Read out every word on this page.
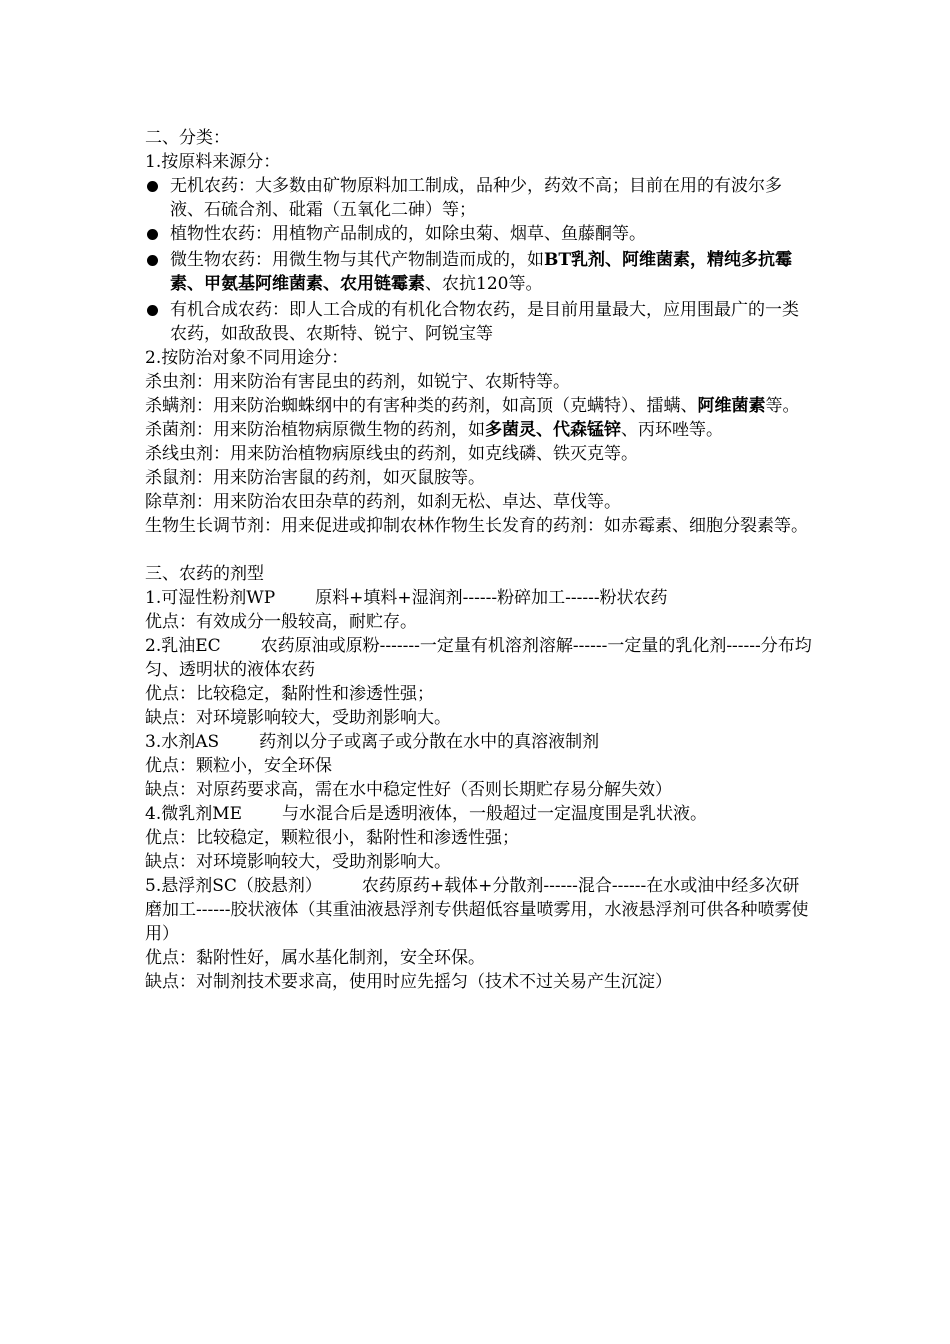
二、分类：

1.按原料来源分：

无机农药：大多数由矿物原料加工制成，品种少，药效不高；目前在用的有波尔多液、石硫合剂、砒霜（五氧化二砷）等；

植物性农药：用植物产品制成的，如除虫菊、烟草、鱼藤酮等。

微生物农药：用微生物与其代产物制造而成的，如BT乳剂、阿维菌素，精纯多抗霉素、甲氨基阿维菌素、农用链霉素、农抗120等。

有机合成农药：即人工合成的有机化合物农药，是目前用量最大，应用围最广的一类农药，如敌敌畏、农斯特、锐宁、阿锐宝等

2.按防治对象不同用途分：

杀虫剂：用来防治有害昆虫的药剂，如锐宁、农斯特等。

杀螨剂：用来防治蜘蛛纲中的有害种类的药剂，如高顶（克螨特）、擂螨、阿维菌素等。

杀菌剂：用来防治植物病原微生物的药剂，如多菌灵、代森锰锌、丙环唑等。

杀线虫剂：用来防治植物病原线虫的药剂，如克线磷、铁灭克等。

杀鼠剂：用来防治害鼠的药剂，如灭鼠胺等。

除草剂：用来防治农田杂草的药剂，如刹无松、卓达、草伐等。

生物生长调节剂：用来促进或抑制农林作物生长发育的药剂：如赤霉素、细胞分裂素等。

三、农药的剂型

1.可湿性粉剂WP 原料+填料+湿润剂------粉碎加工------粉状农药

优点：有效成分一般较高，耐贮存。

2.乳油EC 农药原油或原粉-------一定量有机溶剂溶解------一定量的乳化剂------分布均匀、透明状的液体农药

优点：比较稳定，黏附性和渗透性强；

缺点：对环境影响较大，受助剂影响大。

3.水剂AS 药剂以分子或离子或分散在水中的真溶液制剂

优点：颗粒小，安全环保

缺点：对原药要求高，需在水中稳定性好（否则长期贮存易分解失效）

4.微乳剂ME 与水混合后是透明液体，一般超过一定温度围是乳状液。

优点：比较稳定，颗粒很小，黏附性和渗透性强；

缺点：对环境影响较大，受助剂影响大。

5.悬浮剂SC（胶悬剂） 农药原药+载体+分散剂------混合------在水或油中经多次研磨加工------胶状液体（其重油液悬浮剂专供超低容量喷雾用，水液悬浮剂可供各种喷雾使用）

优点：黏附性好，属水基化制剂，安全环保。

缺点：对制剂技术要求高，使用时应先摇匀（技术不过关易产生沉淀）
